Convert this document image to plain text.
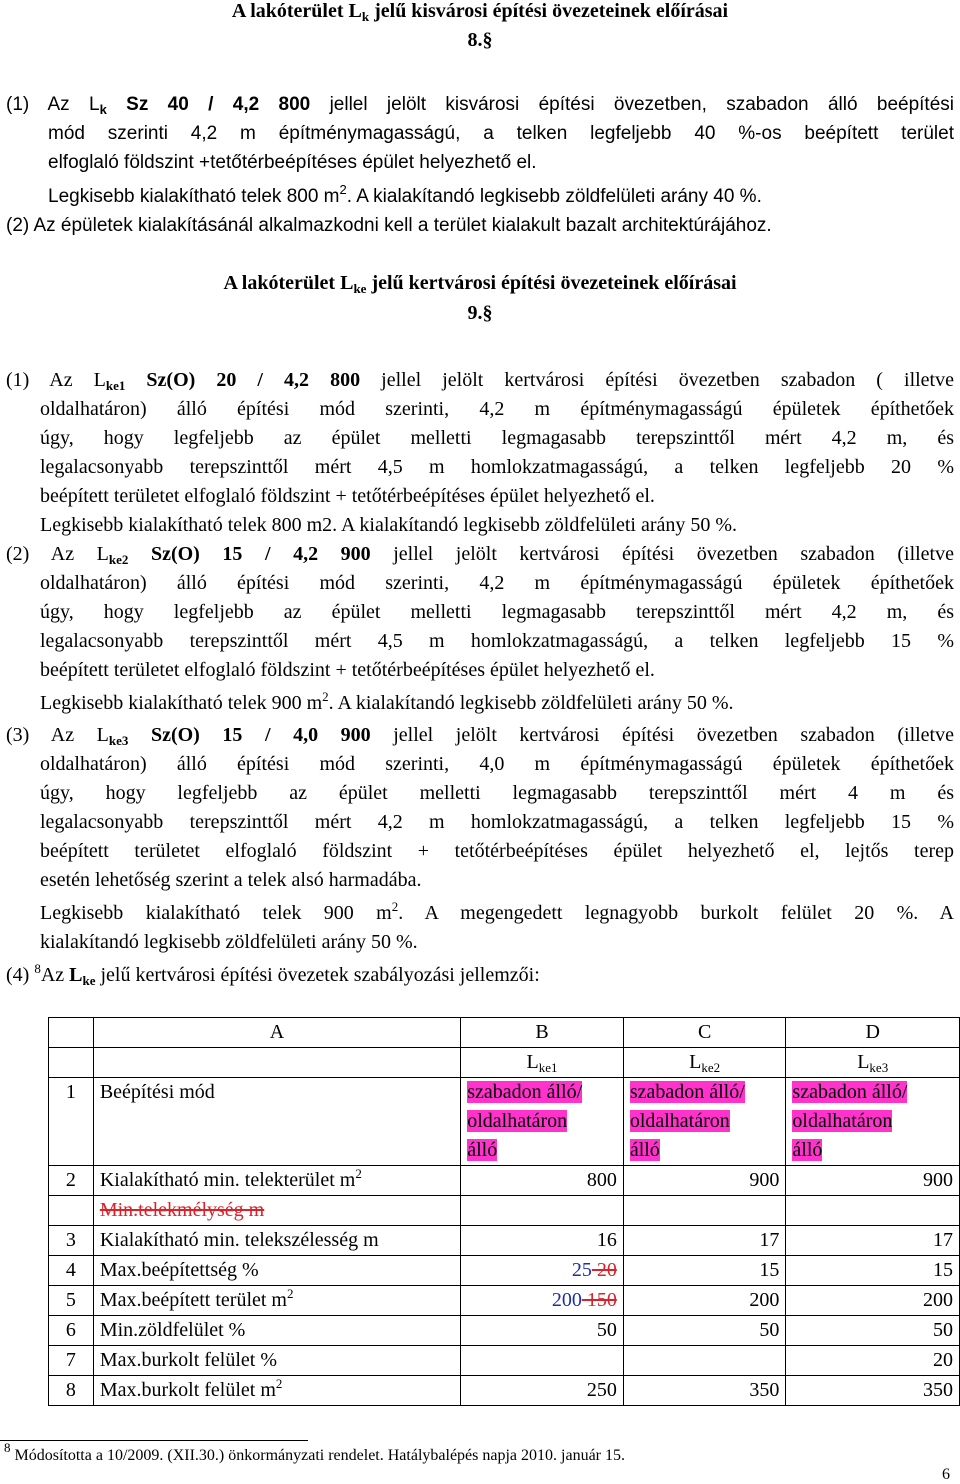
A lakóterület $L_k$ jelű kisvárosi építési övezeteinek előírásai
8.§
(1) Az $L_k$ Sz 40 / 4,2 800 jellel jelölt kisvárosi építési övezetben, szabadon álló beépítési
mód szerinti 4,2 m építménymagasságú, a telken legfeljebb 40 %-os beépített terület
elfoglaló földszint +tetőtérbeépítéses épület helyezhető el.
Legkisebb kialakítható telek 800 $m^2$. A kialakítandó legkisebb zöldfelületi arány 40 %.
(2) Az épületek kialakításánál alkalmazkodni kell a terület kialakult bazalt architektúrájához.
A lakóterület $L_{ke}$ jelű kertvárosi építési övezeteinek előírásai
9.§
(1) Az $L_{ke1}$ Sz(O) 20 / 4,2 800 jellel jelölt kertvárosi építési övezetben szabadon ( illetve
oldalhatáron) álló építési mód szerinti, 4,2 m építménymagasságú épületek építhetőek
úgy, hogy legfeljebb az épület melletti legmagasabb terepszinttől mért 4,2 m, és
legalacsonyabb terepszinttől mért 4,5 m homlokzatmagasságú, a telken legfeljebb 20 %
beépített területet elfoglaló földszint + tetőtérbeépítéses épület helyezhető el.
Legkisebb kialakítható telek 800 m2. A kialakítandó legkisebb zöldfelületi arány 50 %.
(2) Az $L_{ke2}$ Sz(O) 15 / 4,2 900 jellel jelölt kertvárosi építési övezetben szabadon (illetve
oldalhatáron) álló építési mód szerinti, 4,2 m építménymagasságú épületek építhetőek
úgy, hogy legfeljebb az épület melletti legmagasabb terepszinttől mért 4,2 m, és
legalacsonyabb terepszinttől mért 4,5 m homlokzatmagasságú, a telken legfeljebb 15 %
beépített területet elfoglaló földszint + tetőtérbeépítéses épület helyezhető el.
Legkisebb kialakítható telek 900 $m^2$. A kialakítandó legkisebb zöldfelületi arány 50 %.
(3) Az $L_{ke3}$ Sz(O) 15 / 4,0 900 jellel jelölt kertvárosi építési övezetben szabadon (illetve
oldalhatáron) álló építési mód szerinti, 4,0 m építménymagasságú épületek építhetőek
úgy, hogy legfeljebb az épület melletti legmagasabb terepszinttől mért 4 m és
legalacsonyabb terepszinttől mért 4,2 m homlokzatmagasságú, a telken legfeljebb 15 %
beépített területet elfoglaló földszint + tetőtérbeépítéses épület helyezhető el, lejtős terep
esetén lehetőség szerint a telek alsó harmadába.
Legkisebb kialakítható telek 900 $m^2$. A megengedett legnagyobb burkolt felület 20 %. A
kialakítandó legkisebb zöldfelületi arány 50 %.
(4) $^8$Az $L_{ke}$ jelű kertvárosi építési övezetek szabályozási jellemzői:
	A	B	C	D
		$L_{ke1}$	$L_{ke2}$	$L_{ke3}$
1	Beépítési mód	szabadon álló/
oldalhatáron
álló	szabadon álló/
oldalhatáron
álló	szabadon álló/
oldalhatáron
álló

2	Kialakítható min. telekterület $m^2$	800	900	900
	Min.telekmélység m			
3	Kialakítható min. telekszélesség m	16	17	17
4	Max.beépítettség %	25 20	15	15
5	Max.beépített terület $m^2$	200 150	200	200
6	Min.zöldfelület %	50	50	50
7	Max.burkolt felület %			20
8	Max.burkolt felület $m^2$	250	350	350
$^8$ Módosította a 10/2009. (XII.30.) önkormányzati rendelet. Hatálybalépés napja 2010. január 15.
6
